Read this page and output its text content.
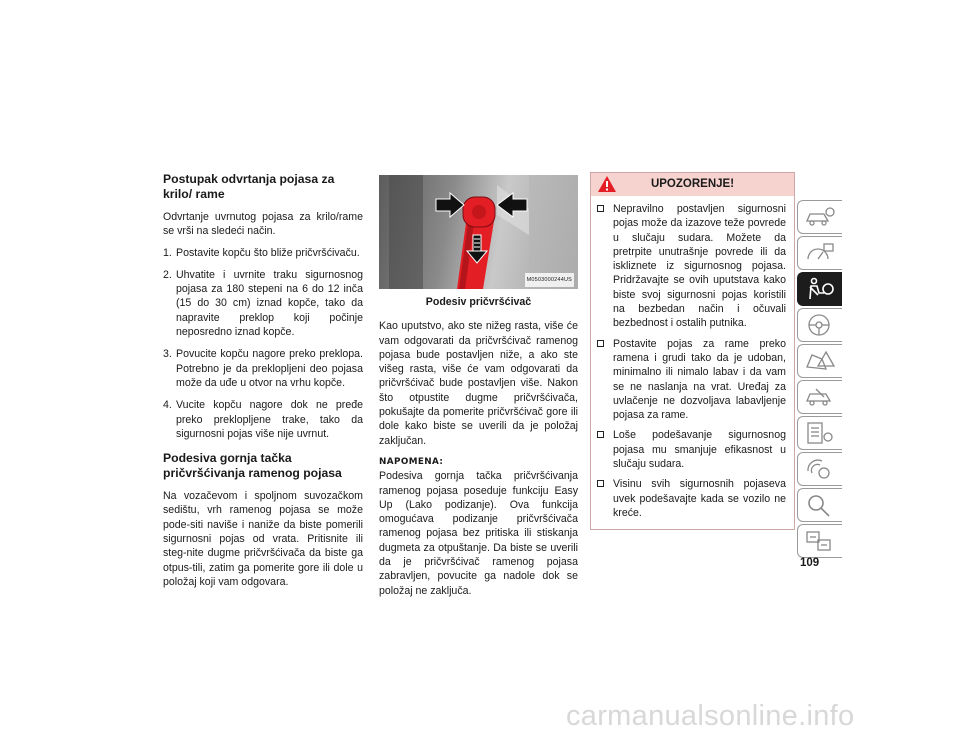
Postupak odvrtanja pojasa za krilo/ rame

Odvrtanje uvrnutog pojasa za krilo/rame se vrši na sledeći način.

1. Postavite kopču što bliže pričvršćivaču.
2. Uhvatite i uvrnite traku sigurnosnog pojasa za 180 stepeni na 6 do 12 inča (15 do 30 cm) iznad kopče, tako da napravite preklop koji počinje neposredno iznad kopče.
3. Povucite kopču nagore preko preklopa. Potrebno je da preklopljeni deo pojasa može da uđe u otvor na vrhu kopče.
4. Vucite kopču nagore dok ne pređe preko preklopljene trake, tako da sigurnosni pojas više nije uvrnut.
Podesiva gornja tačka pričvršćivanja ramenog pojasa

Na vozačevom i spoljnom suvozačkom sedištu, vrh ramenog pojasa se može pode-siti naviše i naniže da biste pomerili sigurnosni pojas od vrata. Pritisnite ili steg-nite dugme pričvršćivača da biste ga otpus-tili, zatim ga pomerite gore ili dole u položaj koji vam odgovara.

M0503000244US
Podesiv pričvršćivač

Kao uputstvo, ako ste nižeg rasta, više će vam odgovarati da pričvršćivač ramenog pojasa bude postavljen niže, a ako ste višeg rasta, više će vam odgovarati da pričvršćivač bude postavljen više. Nakon što otpustite dugme pričvršćivača, pokušajte da pomerite pričvršćivač gore ili dole kako biste se uverili da je položaj zaključan.

NAPOMENA:

Podesiva gornja tačka pričvršćivanja ramenog pojasa poseduje funkciju Easy Up (Lako podizanje). Ova funkcija omogućava podizanje pričvršćivača ramenog pojasa bez pritiska ili stiskanja dugmeta za otpuštanje. Da biste se uverili da je pričvršćivač ramenog pojasa zabravljen, povucite ga nadole dok se položaj ne zaključa.

UPOZORENJE!
Nepravilno postavljen sigurnosni pojas može da izazove teže povrede u slučaju sudara. Možete da pretrpite unutrašnje povrede ili da iskliznete iz sigurnosnog pojasa. Pridržavajte se ovih uputstava kako biste svoj sigurnosni pojas koristili na bezbedan način i očuvali bezbednost i ostalih putnika.
Postavite pojas za rame preko ramena i grudi tako da je udoban, minimalno ili nimalo labav i da vam se ne naslanja na vrat. Uređaj za uvlačenje ne dozvoljava labavljenje pojasa za rame.
Loše podešavanje sigurnosnog pojasa mu smanjuje efikasnost u slučaju sudara.
Visinu svih sigurnosnih pojaseva uvek podešavajte kada se vozilo ne kreće.
109
carmanualsonline.info
